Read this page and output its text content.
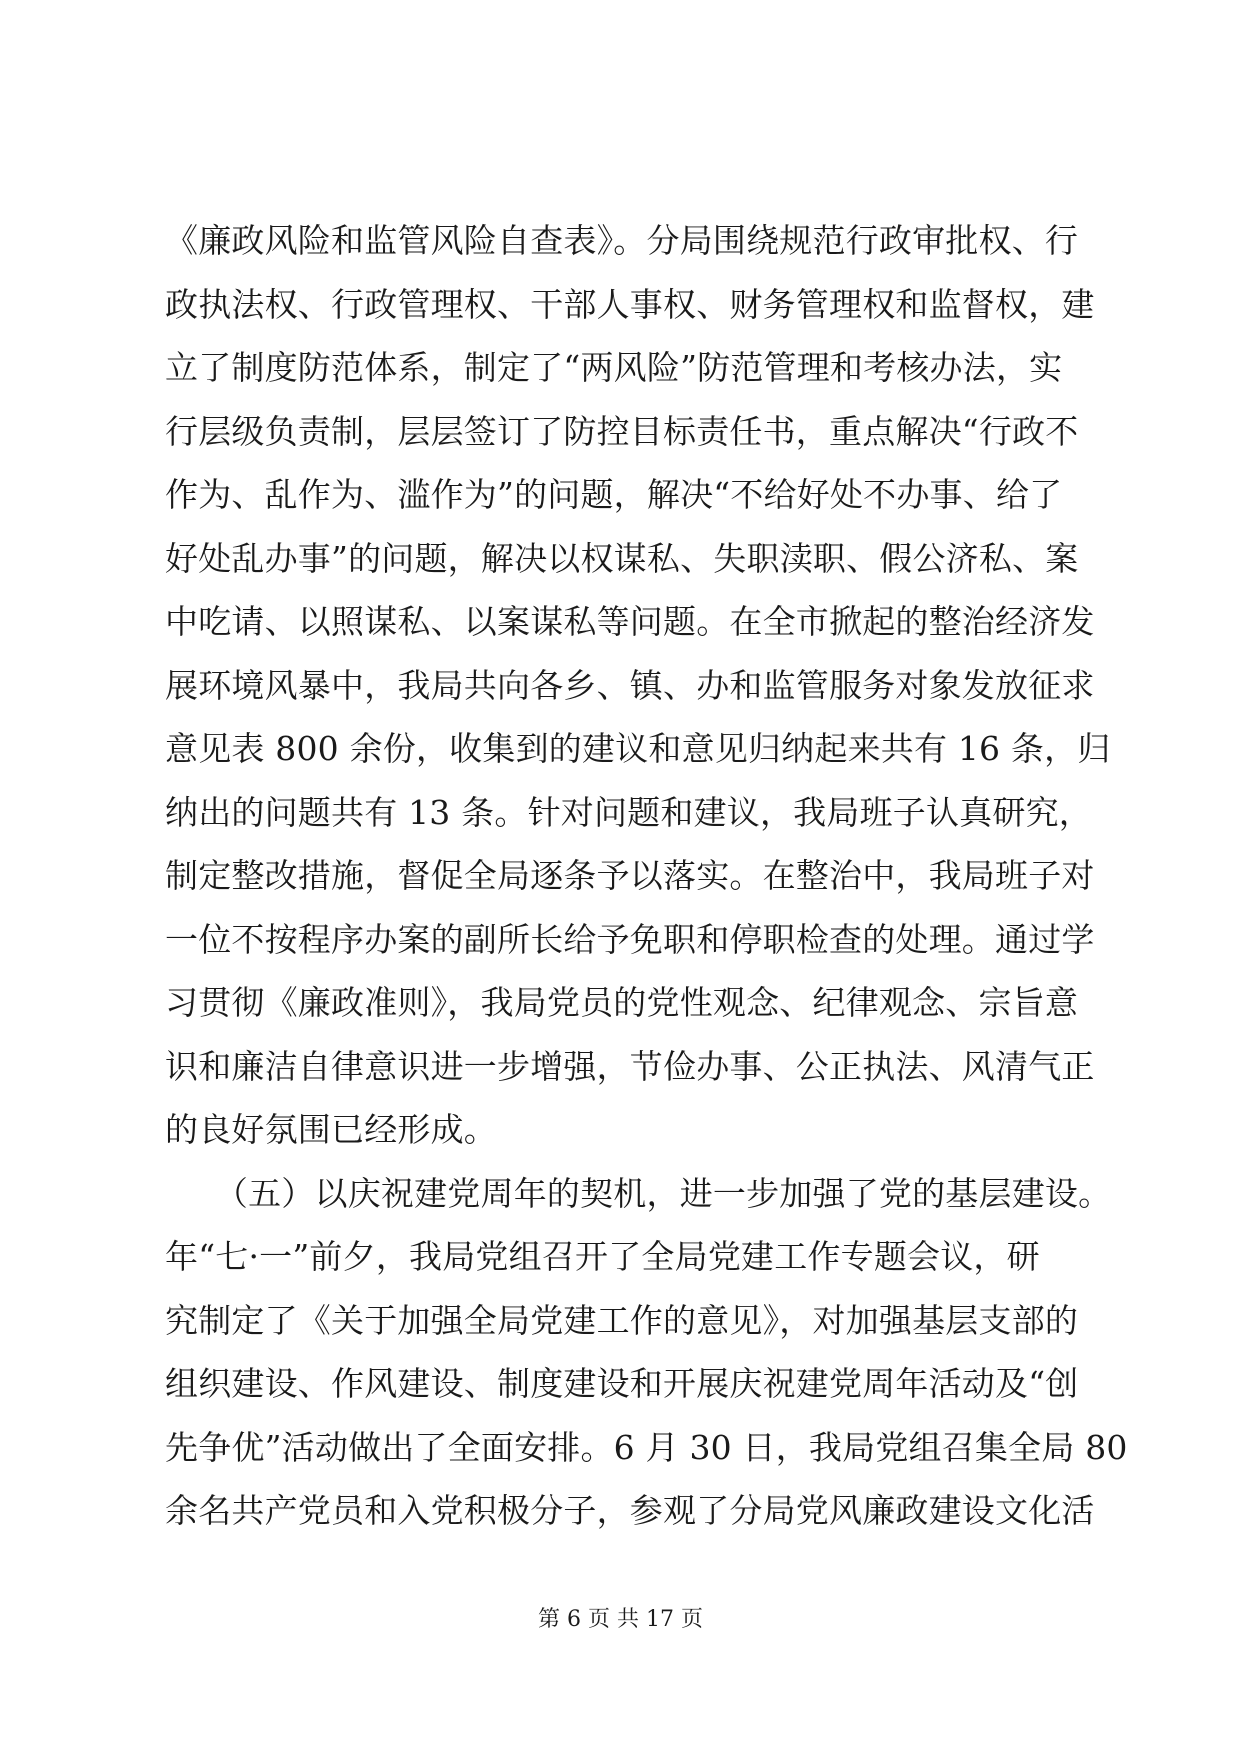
《廉政风险和监管风险自查表》。分局围绕规范行政审批权、行
政执法权、行政管理权、干部人事权、财务管理权和监督权，建
立了制度防范体系，制定了“两风险”防范管理和考核办法，实
行层级负责制，层层签订了防控目标责任书，重点解决“行政不
作为、乱作为、滥作为”的问题，解决“不给好处不办事、给了
好处乱办事”的问题，解决以权谋私、失职渎职、假公济私、案
中吃请、以照谋私、以案谋私等问题。在全市掀起的整治经济发
展环境风暴中，我局共向各乡、镇、办和监管服务对象发放征求
意见表 800 余份，收集到的建议和意见归纳起来共有 16 条，归
纳出的问题共有 13 条。针对问题和建议，我局班子认真研究，
制定整改措施，督促全局逐条予以落实。在整治中，我局班子对
一位不按程序办案的副所长给予免职和停职检查的处理。通过学
习贯彻《廉政准则》，我局党员的党性观念、纪律观念、宗旨意
识和廉洁自律意识进一步增强，节俭办事、公正执法、风清气正
的良好氛围已经形成。
　　（五）以庆祝建党周年的契机，进一步加强了党的基层建设。
年“七·一”前夕，我局党组召开了全局党建工作专题会议，研
究制定了《关于加强全局党建工作的意见》，对加强基层支部的
组织建设、作风建设、制度建设和开展庆祝建党周年活动及“创
先争优”活动做出了全面安排。6 月 30 日，我局党组召集全局 80
余名共产党员和入党积极分子，参观了分局党风廉政建设文化活
第 6 页 共 17 页
